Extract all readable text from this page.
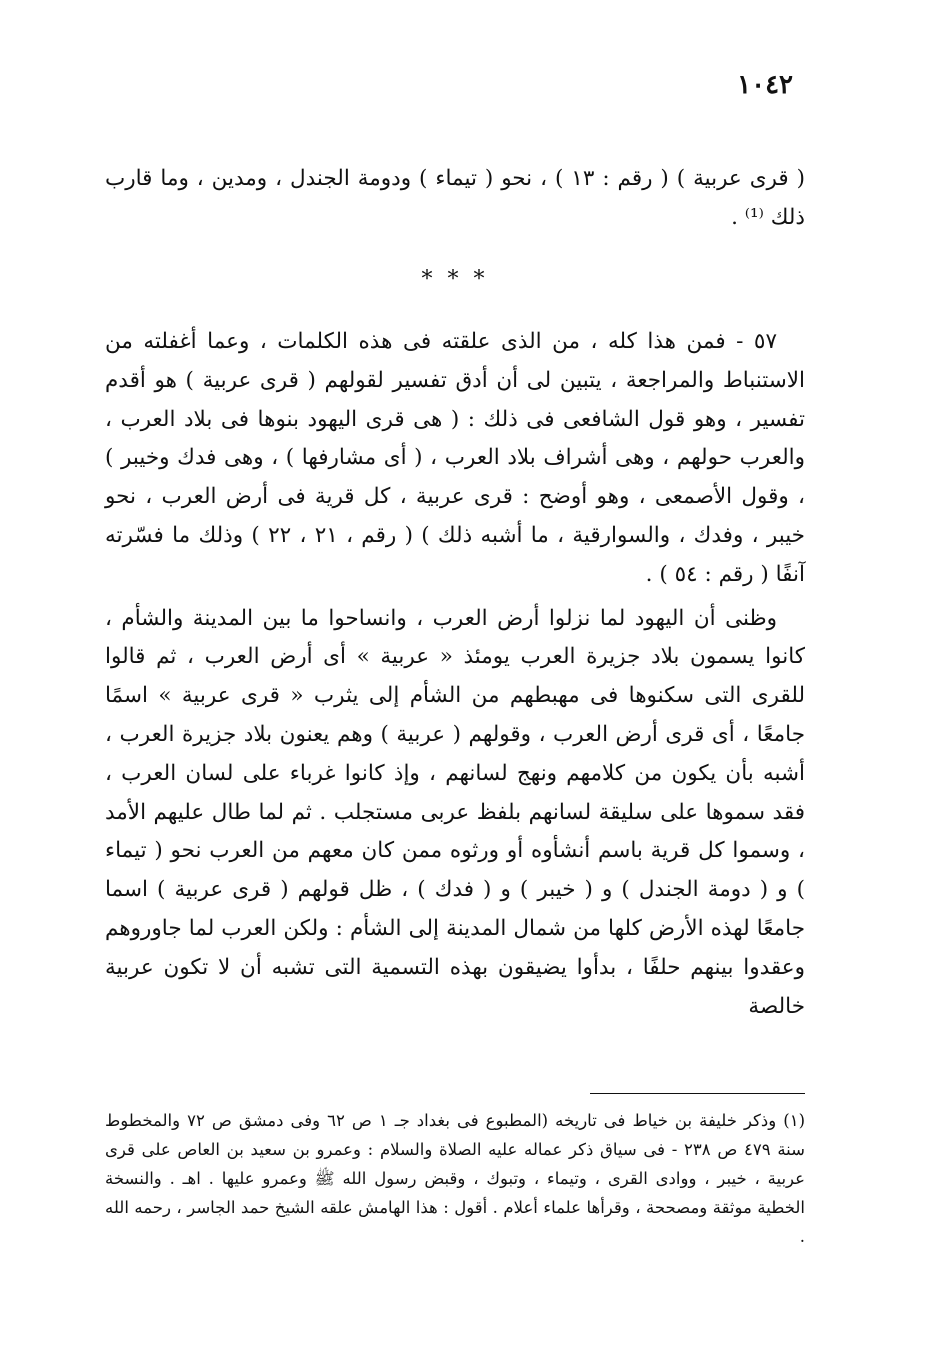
١٠٤٢

( قرى عربية ) ( رقم : ١٣ ) ، نحو ( تيماء ) ودومة الجندل ، ومدين ، وما قارب ذلك ⁽¹⁾ .

* * *

٥٧ - فمن هذا كله ، من الذى علقته فى هذه الكلمات ، وعما أغفلته من الاستنباط والمراجعة ، يتبين لى أن أدق تفسير لقولهم ( قرى عربية ) هو أقدم تفسير ، وهو قول الشافعى فى ذلك : ( هى قرى اليهود بنوها فى بلاد العرب ، والعرب حولهم ، وهى أشراف بلاد العرب ، ( أى مشارفها ) ، وهى فدك وخيبر ) ، وقول الأصمعى ، وهو أوضح : قرى عربية ، كل قرية فى أرض العرب ، نحو خيبر ، وفدك ، والسوارقية ، ما أشبه ذلك ) ( رقم ، ٢١ ، ٢٢ ) وذلك ما فسّرته آنفًا ( رقم : ٥٤ ) .

وظنى أن اليهود لما نزلوا أرض العرب ، وانساحوا ما بين المدينة والشأم ، كانوا يسمون بلاد جزيرة العرب يومئذ « عربية » أى أرض العرب ، ثم قالوا للقرى التى سكنوها فى مهبطهم من الشأم إلى يثرب « قرى عربية » اسمًا جامعًا ، أى قرى أرض العرب ، وقولهم ( عربية ) وهم يعنون بلاد جزيرة العرب ، أشبه بأن يكون من كلامهم ونهج لسانهم ، وإذ كانوا غرباء على لسان العرب ، فقد سموها على سليقة لسانهم بلفظ عربى مستجلب . ثم لما طال عليهم الأمد ، وسموا كل قرية باسم أنشأوه أو ورثوه ممن كان معهم من العرب نحو ( تيماء ) و ( دومة الجندل ) و ( خيبر ) و ( فدك ) ، ظل قولهم ( قرى عربية ) اسما جامعًا لهذه الأرض كلها من شمال المدينة إلى الشأم : ولكن العرب لما جاوروهم وعقدوا بينهم حلفًا ، بدأوا يضيقون بهذه التسمية التى تشبه أن لا تكون عربية خالصة

(١) وذكر خليفة بن خياط فى تاريخه (المطبوع فى بغداد جـ ١ ص ٦٢ وفى دمشق ص ٧٢ والمخطوط سنة ٤٧٩ ص ٢٣٨ - فى سياق ذكر عماله عليه الصلاة والسلام : وعمرو بن سعيد بن العاص على قرى عربية ، خيبر ، ووادى القرى ، وتيماء ، وتبوك ، وقبض رسول الله ﷺ وعمرو عليها . اهـ . والنسخة الخطية موثقة ومصححة ، وقرأها علماء أعلام . أقول : هذا الهامش علقه الشيخ حمد الجاسر ، رحمه الله .
